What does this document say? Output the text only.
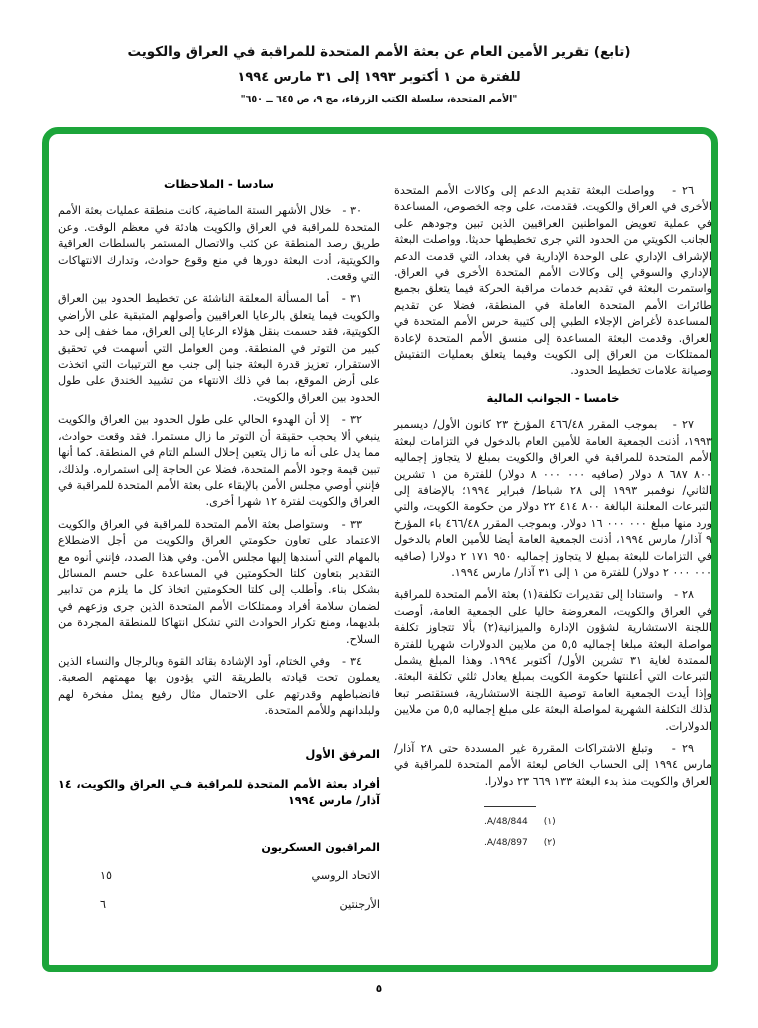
(تابع) تقرير الأمين العام عن بعثة الأمم المتحدة للمراقبة في العراق والكويت
للفترة من ١ أكتوبر ١٩٩٣ إلى ٣١ مارس ١٩٩٤
"الأمم المتحدة، سلسلة الكتب الزرقاء، مج ٩، ص ٦٤٥ ــ ٦٥٠"

٢٦ -   وواصلت البعثة تقديم الدعم إلى وكالات الأمم المتحدة الأخرى في العراق والكويت. فقدمت، على وجه الخصوص، المساعدة في عملية تعويض المواطنين العراقيين الذين تبين وجودهم على الجانب الكويتي من الحدود التي جرى تخطيطها حديثا. وواصلت البعثة الإشراف الإداري على الوحدة الإدارية في بغداد، التي قدمت الدعم الإداري والسوقي إلى وكالات الأمم المتحدة الأخرى في العراق. واستمرت البعثة في تقديم خدمات مراقبة الحركة فيما يتعلق بجميع طائرات الأمم المتحدة العاملة في المنطقة، فضلا عن تقديم المساعدة لأغراض الإجلاء الطبي إلى كتيبة حرس الأمم المتحدة في العراق. وقدمت البعثة المساعدة إلى منسق الأمم المتحدة لإعادة الممتلكات من العراق إلى الكويت وفيما يتعلق بعمليات التفتيش وصيانة علامات تخطيط الحدود.

خامسا - الجوانب المالية

٢٧ -   بموجب المقرر ٤٦٦/٤٨ المؤرخ ٢٣ كانون الأول/ ديسمبر ١٩٩٣، أذنت الجمعية العامة للأمين العام بالدخول في التزامات لبعثة الأمم المتحدة للمراقبة في العراق والكويت بمبلغ لا يتجاوز إجماليه ٨ ٦٨٧ ٨٠٠ دولار (صافيه ٨ ٠٠٠ ٠٠٠ دولار) للفترة من ١ تشرين الثاني/ نوفمبر ١٩٩٣ إلى ٢٨ شباط/ فبراير ١٩٩٤؛ بالإضافة إلى التبرعات المعلنة البالغة ٢٢ ٤١٤ ٨٠٠ دولار من حكومة الكويت، والتي ورد منها مبلغ ١٦ ٠٠٠ ٠٠٠ دولار. وبموجب المقرر ٤٦٦/٤٨ باء المؤرخ ٩ آذار/ مارس ١٩٩٤، أذنت الجمعية العامة أيضا للأمين العام بالدخول في التزامات للبعثة بمبلغ لا يتجاوز إجماليه ٢ ١٧١ ٩٥٠ دولارا (صافيه ٢ ٠٠٠ ٠٠٠ دولار) للفترة من ١ إلى ٣١ آذار/ مارس ١٩٩٤.

٢٨ -   واستنادا إلى تقديرات تكلفة(١) بعثة الأمم المتحدة للمراقبة في العراق والكويت، المعروضة حاليا على الجمعية العامة، أوصت اللجنة الاستشارية لشؤون الإدارة والميزانية(٢) بألا تتجاوز تكلفة مواصلة البعثة مبلغا إجماليه ٥,٥ من ملايين الدولارات شهريا للفترة الممتدة لغاية ٣١ تشرين الأول/ أكتوبر ١٩٩٤. وهذا المبلغ يشمل التبرعات التي أعلنتها حكومة الكويت بمبلغ يعادل ثلثي تكلفة البعثة. وإذا أيدت الجمعية العامة توصية اللجنة الاستشارية، فستقتصر تبعا لذلك التكلفة الشهرية لمواصلة البعثة على مبلغ إجماليه ٥,٥ من ملايين الدولارات.

٢٩ -   وتبلغ الاشتراكات المقررة غير المسددة حتى ٢٨ آذار/ مارس ١٩٩٤ إلى الحساب الخاص لبعثة الأمم المتحدة للمراقبة في العراق والكويت منذ بدء البعثة ٢٣ ٦٦٩ ١٣٣ دولارا.

(١)A/48/844.
(٢)A/48/897.
سادسا - الملاحظات

٣٠ -   خلال الأشهر الستة الماضية، كانت منطقة عمليات بعثة الأمم المتحدة للمراقبة في العراق والكويت هادئة في معظم الوقت. وعن طريق رصد المنطقة عن كثب والاتصال المستمر بالسلطات العراقية والكويتية، أدت البعثة دورها في منع وقوع حوادث، وتدارك الانتهاكات التي وقعت.

٣١ -   أما المسألة المعلقة الناشئة عن تخطيط الحدود بين العراق والكويت فيما يتعلق بالرعايا العراقيين وأصولهم المتبقية على الأراضي الكويتية، فقد حسمت بنقل هؤلاء الرعايا إلى العراق، مما خفف إلى حد كبير من التوتر في المنطقة. ومن العوامل التي أسهمت في تحقيق الاستقرار، تعزيز قدرة البعثة جنبا إلى جنب مع الترتيبات التي اتخذت على أرض الموقع، بما في ذلك الانتهاء من تشييد الخندق على طول الحدود بين العراق والكويت.

٣٢ -   إلا أن الهدوء الحالي على طول الحدود بين العراق والكويت ينبغي ألا يحجب حقيقة أن التوتر ما زال مستمرا. فقد وقعت حوادث، مما يدل على أنه ما زال يتعين إحلال السلم التام في المنطقة. كما أنها تبين قيمة وجود الأمم المتحدة، فضلا عن الحاجة إلى استمراره. ولذلك، فإنني أوصي مجلس الأمن بالإبقاء على بعثة الأمم المتحدة للمراقبة في العراق والكويت لفترة ١٢ شهرا أخرى.

٣٣ -   وستواصل بعثة الأمم المتحدة للمراقبة في العراق والكويت الاعتماد على تعاون حكومتي العراق والكويت من أجل الاضطلاع بالمهام التي أسندها إليها مجلس الأمن. وفي هذا الصدد، فإنني أنوه مع التقدير بتعاون كلتا الحكومتين في المساعدة على حسم المسائل بشكل بناء. وأطلب إلى كلتا الحكومتين اتخاذ كل ما يلزم من تدابير لضمان سلامة أفراد وممتلكات الأمم المتحدة الذين جرى وزعهم في بلديهما، ومنع تكرار الحوادث التي تشكل انتهاكا للمنطقة المجردة من السلاح.

٣٤ -   وفي الختام، أود الإشادة بقائد القوة وبالرجال والنساء الذين يعملون تحت قيادته بالطريقة التي يؤدون بها مهمتهم الصعبة. فانضباطهم وقدرتهم على الاحتمال مثال رفيع يمثل مفخرة لهم ولبلدانهم وللأمم المتحدة.

المرفق الأول
أفراد بعثة الأمم المتحدة للمراقبة فـي العراق والكويت، ١٤ آذار/ مارس ١٩٩٤
المراقبون العسكريون
الاتحاد الروسي
١٥
الأرجنتين
٦
٥
